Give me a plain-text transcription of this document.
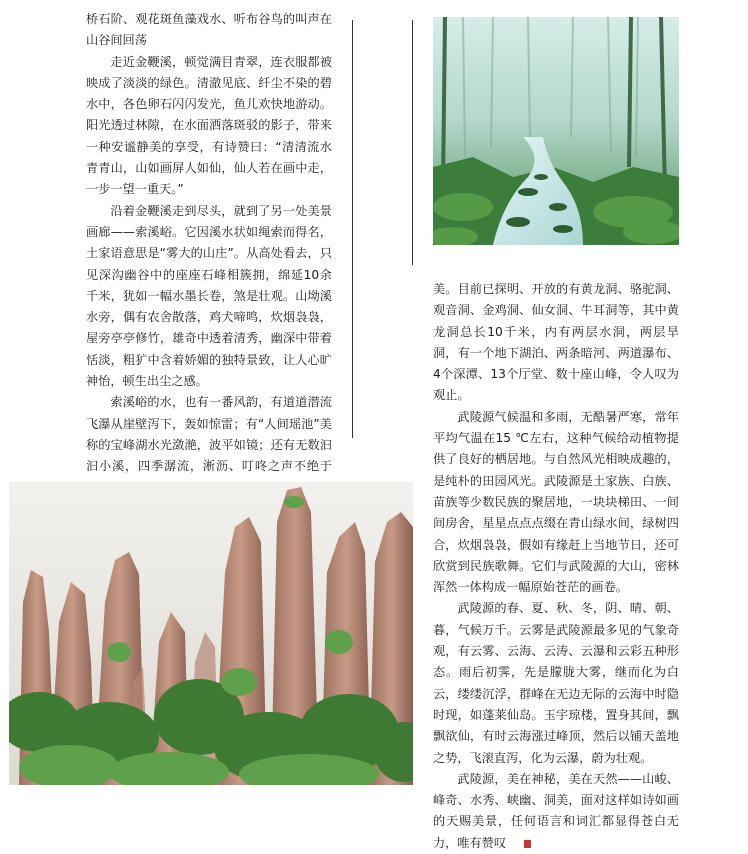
桥石阶、观花斑鱼藻戏水、听布谷鸟的叫声在山谷间回荡

走近金鞭溪，顿觉满目青翠，连衣服都被映成了淡淡的绿色。清澈见底、纤尘不染的碧水中，各色卵石闪闪发光，鱼儿欢快地游动。阳光透过林隙，在水面洒落斑驳的影子，带来一种安谧静美的享受，有诗赞曰：“清清流水青青山，山如画屏人如仙，仙人若在画中走，一步一望一重天。”

沿着金鞭溪走到尽头，就到了另一处美景画廊——索溪峪。它因溪水状如绳索而得名，土家语意思是“雾大的山庄”。从高处看去，只见深沟幽谷中的座座石峰相簇拥，绵延10余千米，犹如一幅水墨长卷，煞是壮观。山坳溪水旁，偶有农舍散落，鸡犬啼鸣，炊烟袅袅，屋旁亭亭修竹，雄奇中透着清秀，幽深中带着恬淡，粗犷中含着娇媚的独特景致，让人心旷神怡，顿生出尘之感。

索溪峪的水，也有一番风韵，有道道潜流飞瀑从崖壁泻下，轰如惊雷；有“人间瑶池”美称的宝峰湖水光潋滟，波平如镜；还有无数汩汩小溪，四季潺流，淅沥、叮咚之声不绝于

美。目前已探明、开放的有黄龙洞、骆驼洞、观音洞、金鸡洞、仙女洞、牛耳洞等，其中黄龙洞总长10千米，内有两层水洞，两层旱洞，有一个地下湖泊、两条暗河、两道瀑布、4个深潭、13个厅堂、数十座山峰，令人叹为观止。

武陵源气候温和多雨，无酷暑严寒，常年平均气温在15 ℃左右，这种气候给动植物提供了良好的栖居地。与自然风光相映成趣的，是纯朴的田园风光。武陵源是土家族、白族、苗族等少数民族的聚居地，一块块梯田、一间间房舍，星星点点点缀在青山绿水间，绿树四合，炊烟袅袅，假如有缘赶上当地节日，还可欣赏到民族歌舞。它们与武陵源的大山，密林浑然一体构成一幅原始苍茫的画卷。

武陵源的春、夏、秋、冬，阴、晴、朝、暮，气候万千。云雾是武陵源最多见的气象奇观，有云雾、云海、云涛、云瀑和云彩五种形态。雨后初霁，先是朦胧大雾，继而化为白云，缕缕沉浮，群峰在无边无际的云海中时隐时现，如蓬莱仙岛。玉宇琼楼，置身其间，飘飘欲仙，有时云海涨过峰顶，然后以铺天盖地之势，飞滚直泻，化为云瀑，蔚为壮观。

武陵源，美在神秘，美在天然——山峻、峰奇、水秀、峡幽、洞美，面对这样如诗如画的天赐美景，任何语言和词汇都显得苍白无力，唯有赞叹
